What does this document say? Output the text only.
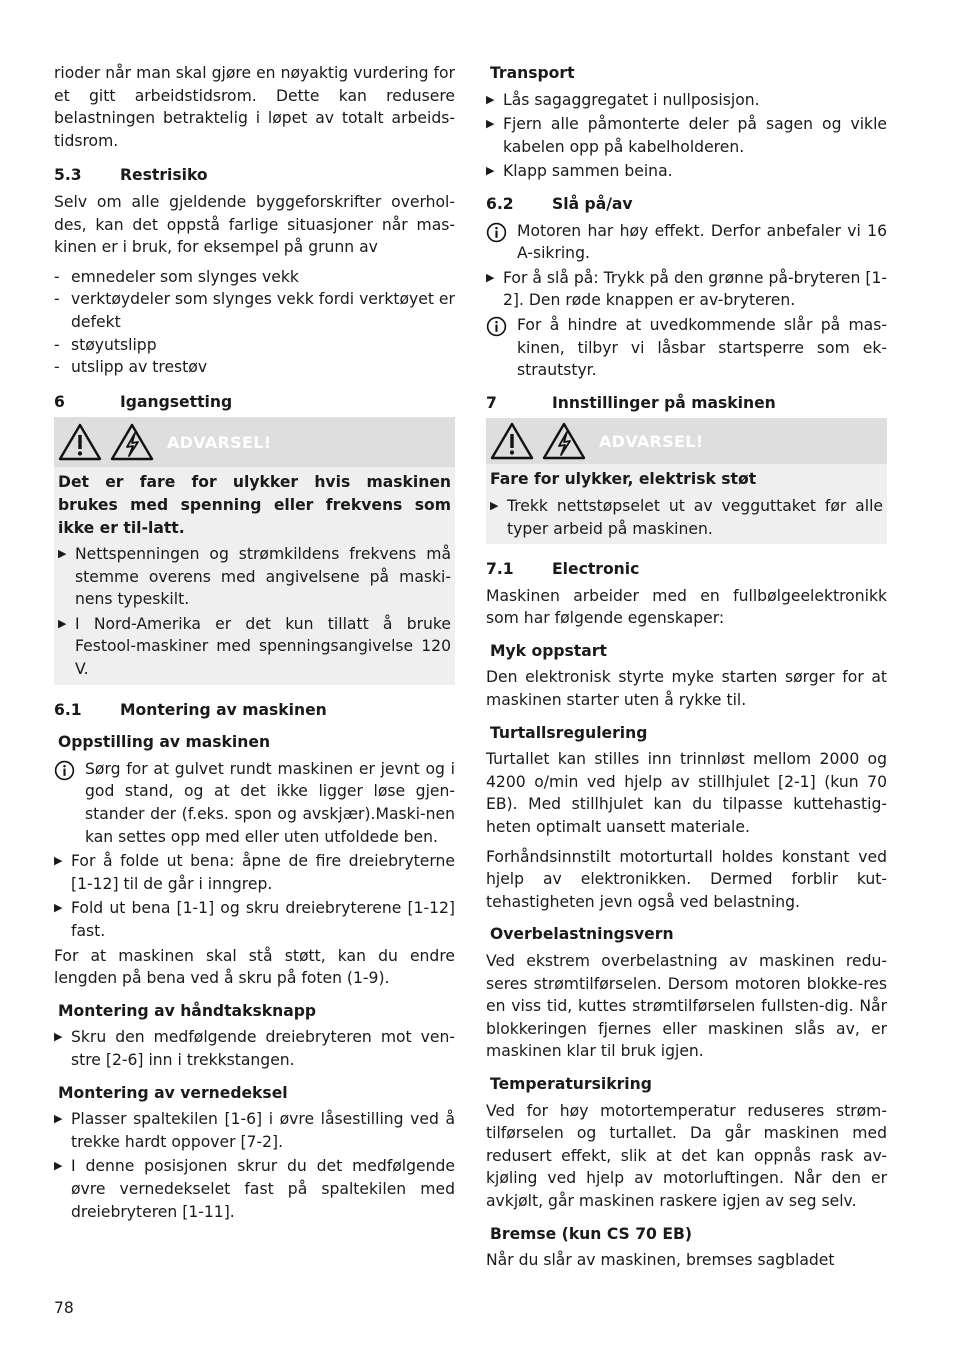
rioder når man skal gjøre en nøyaktig vurdering for et gitt arbeidstidsrom. Dette kan redusere belastningen betraktelig i løpet av totalt arbeids-tidsrom.

5.3	Restrisiko

Selv om alle gjeldende byggeforskrifter overhol-des, kan det oppstå farlige situasjoner når mas-kinen er i bruk, for eksempel på grunn av

- emnedeler som slynges vekk
- verktøydeler som slynges vekk fordi verktøyet er defekt
- støyutslipp
- utslipp av trestøv
6	Igangsetting
ADVARSEL!
Det er fare for ulykker hvis maskinen brukes med spenning eller frekvens som ikke er til-latt.
▶ Nettspenningen og strømkildens frekvens må stemme overens med angivelsene på maski-nens typeskilt.
▶ I Nord-Amerika er det kun tillatt å bruke Festool-maskiner med spenningsangivelse 120 V.
6.1	Montering av maskinen
Oppstilling av maskinen
Sørg for at gulvet rundt maskinen er jevnt og i god stand, og at det ikke ligger løse gjen-stander der (f.eks. spon og avskjær).Maski-nen kan settes opp med eller uten utfoldede ben.
▶ For å folde ut bena: åpne de fire dreiebryterne [1-12] til de går i inngrep.
▶ Fold ut bena [1-1] og skru dreiebryterene [1-12] fast.

For at maskinen skal stå støtt, kan du endre lengden på bena ved å skru på foten (1-9).

Montering av håndtaksknapp
▶ Skru den medfølgende dreiebryteren mot ven-stre [2-6] inn i trekkstangen.
Montering av vernedeksel
▶ Plasser spaltekilen [1-6] i øvre låsestilling ved å trekke hardt oppover [7-2].
▶ I denne posisjonen skrur du det medfølgende øvre vernedekselet fast på spaltekilen med dreiebryteren [1-11].
Transport
▶ Lås sagaggregatet i nullposisjon.
▶ Fjern alle påmonterte deler på sagen og vikle kabelen opp på kabelholderen.
▶ Klapp sammen beina.
6.2	Slå på/av
Motoren har høy effekt. Derfor anbefaler vi 16 A-sikring.
▶ For å slå på: Trykk på den grønne på-bryteren [1-2]. Den røde knappen er av-bryteren.
For å hindre at uvedkommende slår på mas-kinen, tilbyr vi låsbar startsperre som ek-strautstyr.
7	Innstillinger på maskinen
ADVARSEL!
Fare for ulykker, elektrisk støt
▶ Trekk nettstøpselet ut av vegguttaket før alle typer arbeid på maskinen.
7.1	Electronic

Maskinen arbeider med en fullbølgeelektronikk som har følgende egenskaper:

Myk oppstart

Den elektronisk styrte myke starten sørger for at maskinen starter uten å rykke til.

Turtallsregulering

Turtallet kan stilles inn trinnløst mellom 2000 og 4200 o/min ved hjelp av stillhjulet [2-1] (kun 70 EB). Med stillhjulet kan du tilpasse kuttehastig-heten optimalt uansett materiale.

Forhåndsinnstilt motorturtall holdes konstant ved hjelp av elektronikken. Dermed forblir kut-tehastigheten jevn også ved belastning.

Overbelastningsvern

Ved ekstrem overbelastning av maskinen redu-seres strømtilførselen. Dersom motoren blokke-res en viss tid, kuttes strømtilførselen fullsten-dig. Når blokkeringen fjernes eller maskinen slås av, er maskinen klar til bruk igjen.

Temperatursikring

Ved for høy motortemperatur reduseres strøm-tilførselen og turtallet. Da går maskinen med redusert effekt, slik at det kan oppnås rask av-kjøling ved hjelp av motorluftingen. Når den er avkjølt, går maskinen raskere igjen av seg selv.

Bremse (kun CS 70 EB)

Når du slår av maskinen, bremses sagbladet

78
